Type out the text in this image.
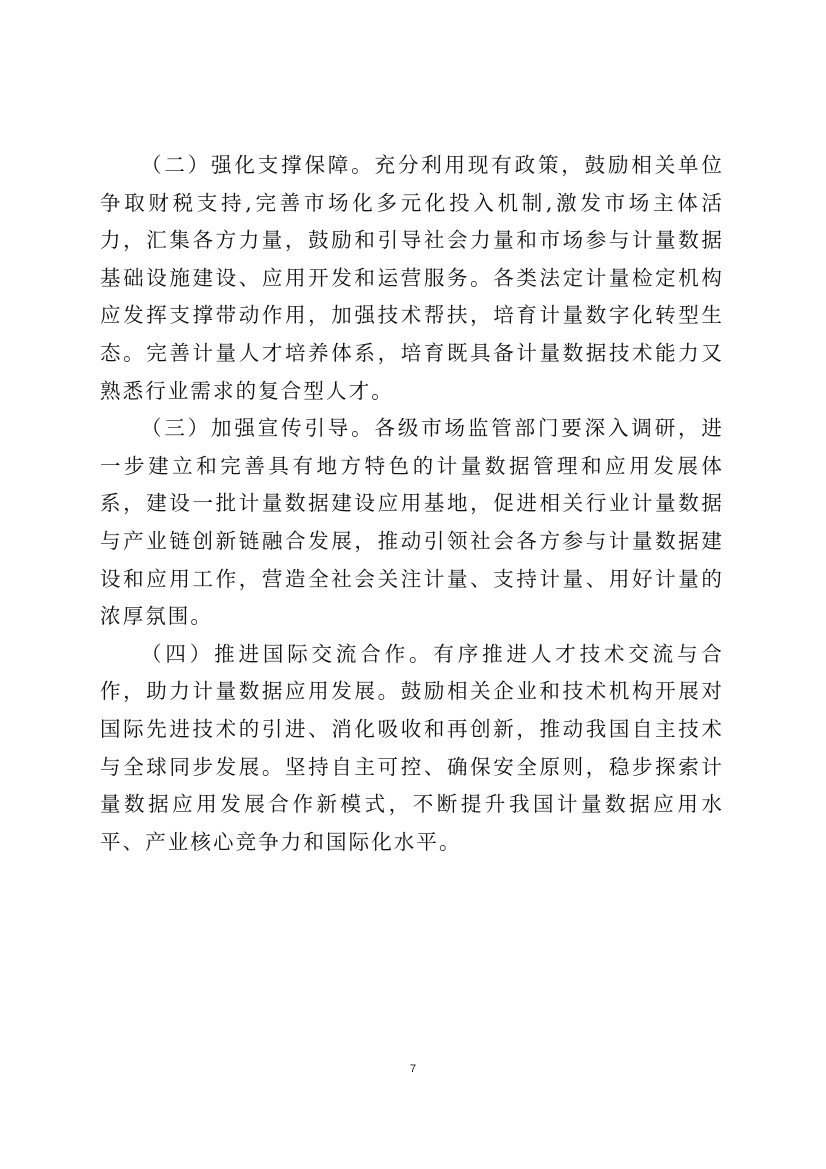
（二）强化支撑保障。充分利用现有政策，鼓励相关单位争取财税支持,完善市场化多元化投入机制,激发市场主体活力，汇集各方力量，鼓励和引导社会力量和市场参与计量数据基础设施建设、应用开发和运营服务。各类法定计量检定机构应发挥支撑带动作用，加强技术帮扶，培育计量数字化转型生态。完善计量人才培养体系，培育既具备计量数据技术能力又熟悉行业需求的复合型人才。

（三）加强宣传引导。各级市场监管部门要深入调研，进一步建立和完善具有地方特色的计量数据管理和应用发展体系，建设一批计量数据建设应用基地，促进相关行业计量数据与产业链创新链融合发展，推动引领社会各方参与计量数据建设和应用工作，营造全社会关注计量、支持计量、用好计量的浓厚氛围。

（四）推进国际交流合作。有序推进人才技术交流与合作，助力计量数据应用发展。鼓励相关企业和技术机构开展对国际先进技术的引进、消化吸收和再创新，推动我国自主技术与全球同步发展。坚持自主可控、确保安全原则，稳步探索计量数据应用发展合作新模式，不断提升我国计量数据应用水平、产业核心竞争力和国际化水平。

7
